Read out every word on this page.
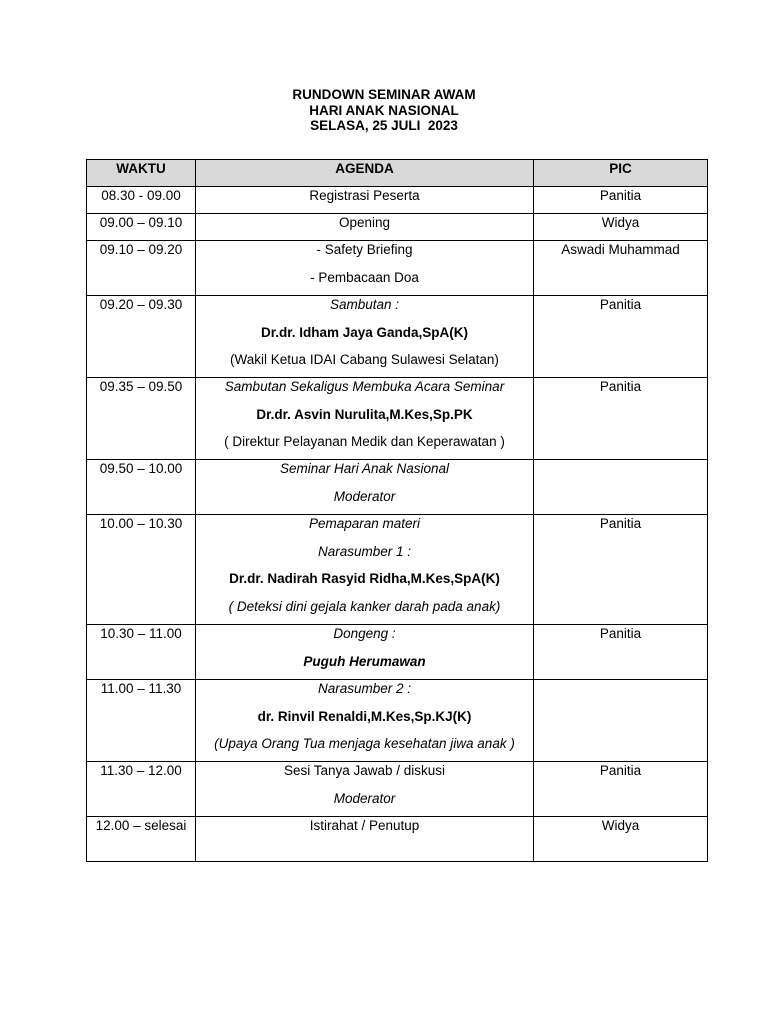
RUNDOWN SEMINAR AWAM
HARI ANAK NASIONAL
SELASA, 25 JULI  2023
WAKTU	AGENDA	PIC
08.30 - 09.00	Registrasi Peserta	Panitia
09.00 – 09.10	Opening	Widya
09.10 – 09.20	- Safety Briefing
- Pembacaan Doa	Aswadi Muhammad
09.20 – 09.30	Sambutan :
Dr.dr. Idham Jaya Ganda,SpA(K)
(Wakil Ketua IDAI Cabang Sulawesi Selatan)	Panitia
09.35 – 09.50	Sambutan Sekaligus Membuka Acara Seminar
Dr.dr. Asvin Nurulita,M.Kes,Sp.PK
( Direktur Pelayanan Medik dan Keperawatan )	Panitia
09.50 – 10.00	Seminar Hari Anak Nasional
Moderator	

10.00 – 10.30	Pemaparan materi
Narasumber 1 :
Dr.dr. Nadirah Rasyid Ridha,M.Kes,SpA(K)
( Deteksi dini gejala kanker darah pada anak)	Panitia
10.30 – 11.00	Dongeng :
Puguh Herumawan	Panitia
11.00 – 11.30	Narasumber 2 :
dr. Rinvil Renaldi,M.Kes,Sp.KJ(K)
(Upaya Orang Tua menjaga kesehatan jiwa anak )	

11.30 – 12.00	Sesi Tanya Jawab / diskusi
Moderator	Panitia

12.00 – selesai	Istirahat / Penutup	Widya
